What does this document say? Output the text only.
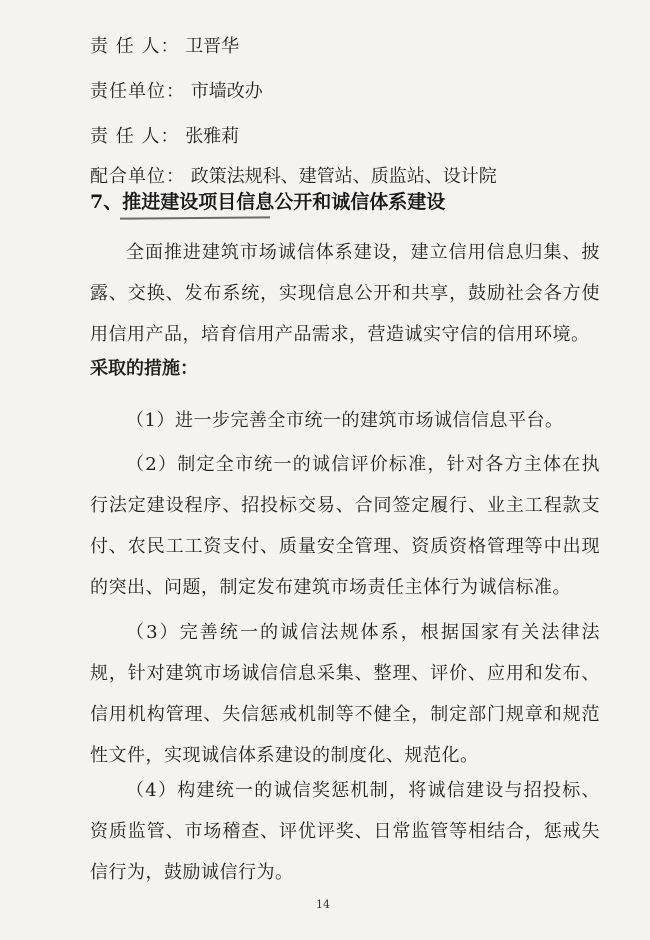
责 任 人： 卫晋华
责任单位： 市墙改办
责 任 人： 张雅莉
配合单位： 政策法规科、建管站、质监站、设计院
7、推进建设项目信息公开和诚信体系建设
全面推进建筑市场诚信体系建设，建立信用信息归集、披露、交换、发布系统，实现信息公开和共享，鼓励社会各方使用信用产品，培育信用产品需求，营造诚实守信的信用环境。
采取的措施：
（1）进一步完善全市统一的建筑市场诚信信息平台。
（2）制定全市统一的诚信评价标准，针对各方主体在执行法定建设程序、招投标交易、合同签定履行、业主工程款支付、农民工工资支付、质量安全管理、资质资格管理等中出现的突出、问题，制定发布建筑市场责任主体行为诚信标准。
（3）完善统一的诚信法规体系，根据国家有关法律法规，针对建筑市场诚信信息采集、整理、评价、应用和发布、信用机构管理、失信惩戒机制等不健全，制定部门规章和规范性文件，实现诚信体系建设的制度化、规范化。
（4）构建统一的诚信奖惩机制，将诚信建设与招投标、资质监管、市场稽查、评优评奖、日常监管等相结合，惩戒失信行为，鼓励诚信行为。
14
